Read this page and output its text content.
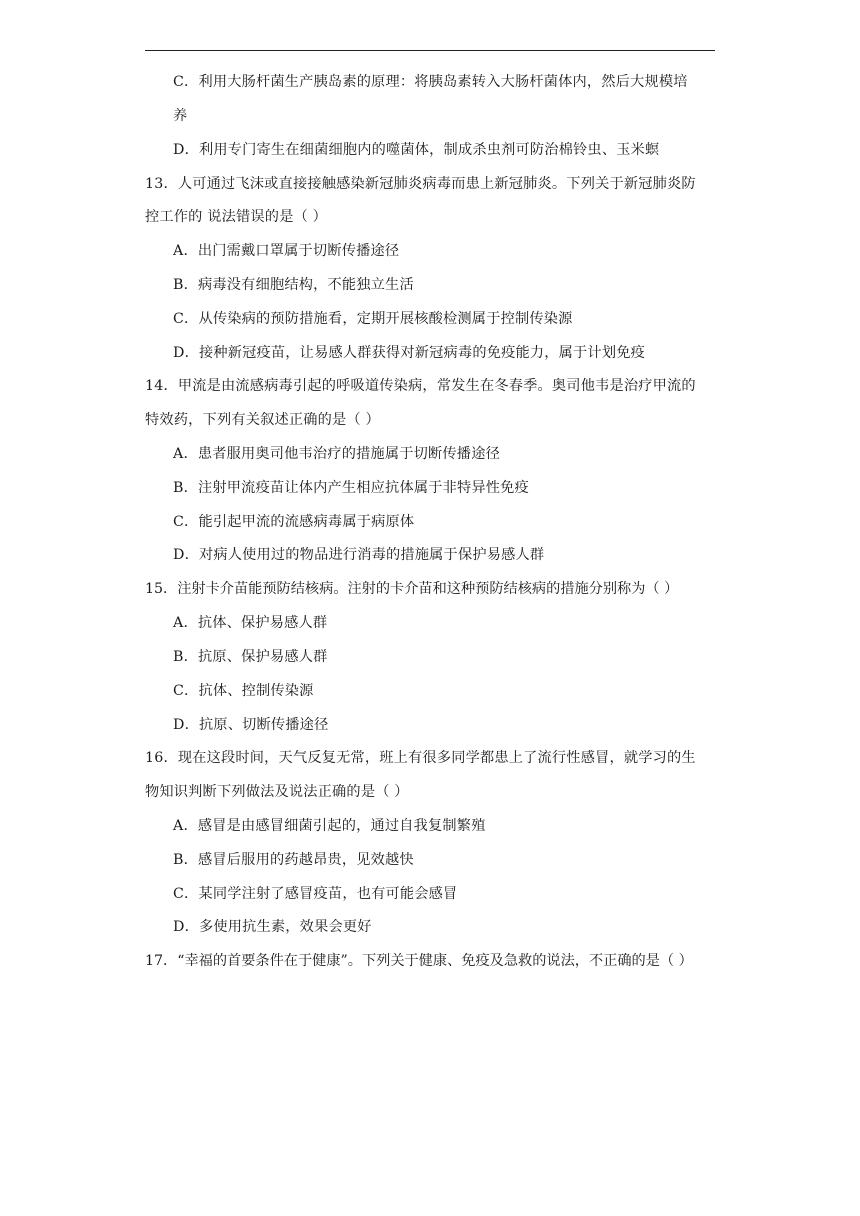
C．利用大肠杆菌生产胰岛素的原理：将胰岛素转入大肠杆菌体内，然后大规模培
养
D．利用专门寄生在细菌细胞内的噬菌体，制成杀虫剂可防治棉铃虫、玉米螟
13．人可通过飞沫或直接接触感染新冠肺炎病毒而患上新冠肺炎。下列关于新冠肺炎防
控工作的 说法错误的是（ ）
A．出门需戴口罩属于切断传播途径
B．病毒没有细胞结构，不能独立生活
C．从传染病的预防措施看，定期开展核酸检测属于控制传染源
D．接种新冠疫苗，让易感人群获得对新冠病毒的免疫能力，属于计划免疫
14．甲流是由流感病毒引起的呼吸道传染病，常发生在冬春季。奥司他韦是治疗甲流的
特效药，下列有关叙述正确的是（ ）
A．患者服用奥司他韦治疗的措施属于切断传播途径
B．注射甲流疫苗让体内产生相应抗体属于非特异性免疫
C．能引起甲流的流感病毒属于病原体
D．对病人使用过的物品进行消毒的措施属于保护易感人群
15．注射卡介苗能预防结核病。注射的卡介苗和这种预防结核病的措施分别称为（ ）
A．抗体、保护易感人群
B．抗原、保护易感人群
C．抗体、控制传染源
D．抗原、切断传播途径
16．现在这段时间，天气反复无常，班上有很多同学都患上了流行性感冒，就学习的生
物知识判断下列做法及说法正确的是（ ）
A．感冒是由感冒细菌引起的，通过自我复制繁殖
B．感冒后服用的药越昂贵，见效越快
C．某同学注射了感冒疫苗，也有可能会感冒
D．多使用抗生素，效果会更好
17．“幸福的首要条件在于健康”。下列关于健康、免疫及急救的说法，不正确的是（ ）
